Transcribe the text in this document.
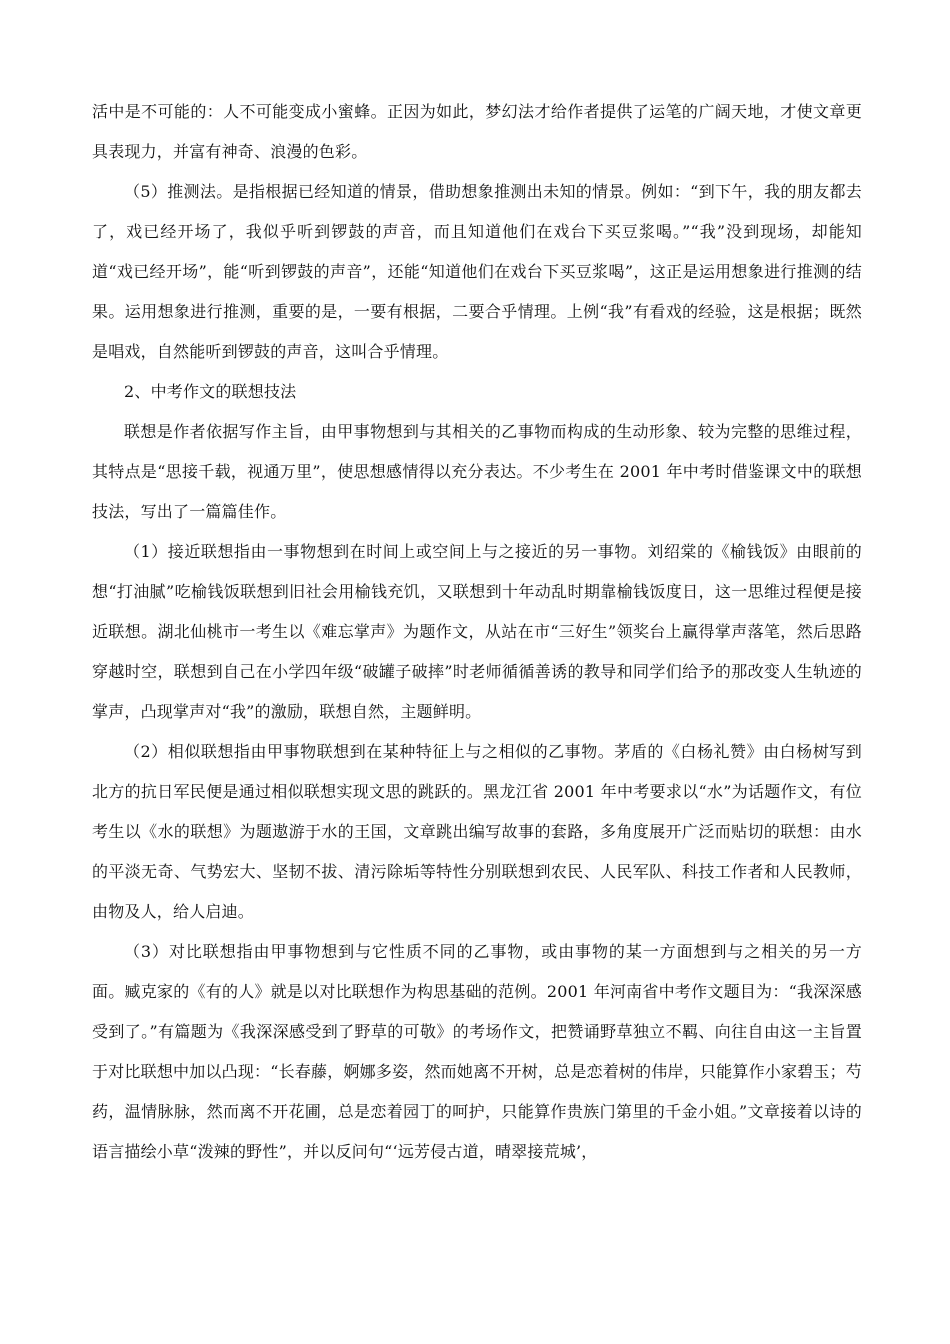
活中是不可能的：人不可能变成小蜜蜂。正因为如此，梦幻法才给作者提供了运笔的广阔天地，才使文章更具表现力，并富有神奇、浪漫的色彩。

（5）推测法。是指根据已经知道的情景，借助想象推测出未知的情景。例如：“到下午，我的朋友都去了，戏已经开场了，我似乎听到锣鼓的声音，而且知道他们在戏台下买豆浆喝。”“我”没到现场，却能知道“戏已经开场”，能“听到锣鼓的声音”，还能“知道他们在戏台下买豆浆喝”，这正是运用想象进行推测的结果。运用想象进行推测，重要的是，一要有根据，二要合乎情理。上例“我”有看戏的经验，这是根据；既然是唱戏，自然能听到锣鼓的声音，这叫合乎情理。

2、中考作文的联想技法

联想是作者依据写作主旨，由甲事物想到与其相关的乙事物而构成的生动形象、较为完整的思维过程，其特点是“思接千载，视通万里”，使思想感情得以充分表达。不少考生在 2001 年中考时借鉴课文中的联想技法，写出了一篇篇佳作。

（1）接近联想指由一事物想到在时间上或空间上与之接近的另一事物。刘绍棠的《榆钱饭》由眼前的想“打油腻”吃榆钱饭联想到旧社会用榆钱充饥，又联想到十年动乱时期靠榆钱饭度日，这一思维过程便是接近联想。湖北仙桃市一考生以《难忘掌声》为题作文，从站在市“三好生”领奖台上赢得掌声落笔，然后思路穿越时空，联想到自己在小学四年级“破罐子破摔”时老师循循善诱的教导和同学们给予的那改变人生轨迹的掌声，凸现掌声对“我”的激励，联想自然，主题鲜明。

（2）相似联想指由甲事物联想到在某种特征上与之相似的乙事物。茅盾的《白杨礼赞》由白杨树写到北方的抗日军民便是通过相似联想实现文思的跳跃的。黑龙江省 2001 年中考要求以“水”为话题作文，有位考生以《水的联想》为题遨游于水的王国，文章跳出编写故事的套路，多角度展开广泛而贴切的联想：由水的平淡无奇、气势宏大、坚韧不拔、清污除垢等特性分别联想到农民、人民军队、科技工作者和人民教师，由物及人，给人启迪。

（3）对比联想指由甲事物想到与它性质不同的乙事物，或由事物的某一方面想到与之相关的另一方面。臧克家的《有的人》就是以对比联想作为构思基础的范例。2001 年河南省中考作文题目为：“我深深感受到了。”有篇题为《我深深感受到了野草的可敬》的考场作文，把赞诵野草独立不羁、向往自由这一主旨置于对比联想中加以凸现：“长春藤，婀娜多姿，然而她离不开树，总是恋着树的伟岸，只能算作小家碧玉；芍药，温情脉脉，然而离不开花圃，总是恋着园丁的呵护，只能算作贵族门第里的千金小姐。”文章接着以诗的语言描绘小草“泼辣的野性”，并以反问句“‘远芳侵古道，晴翠接荒城’，
